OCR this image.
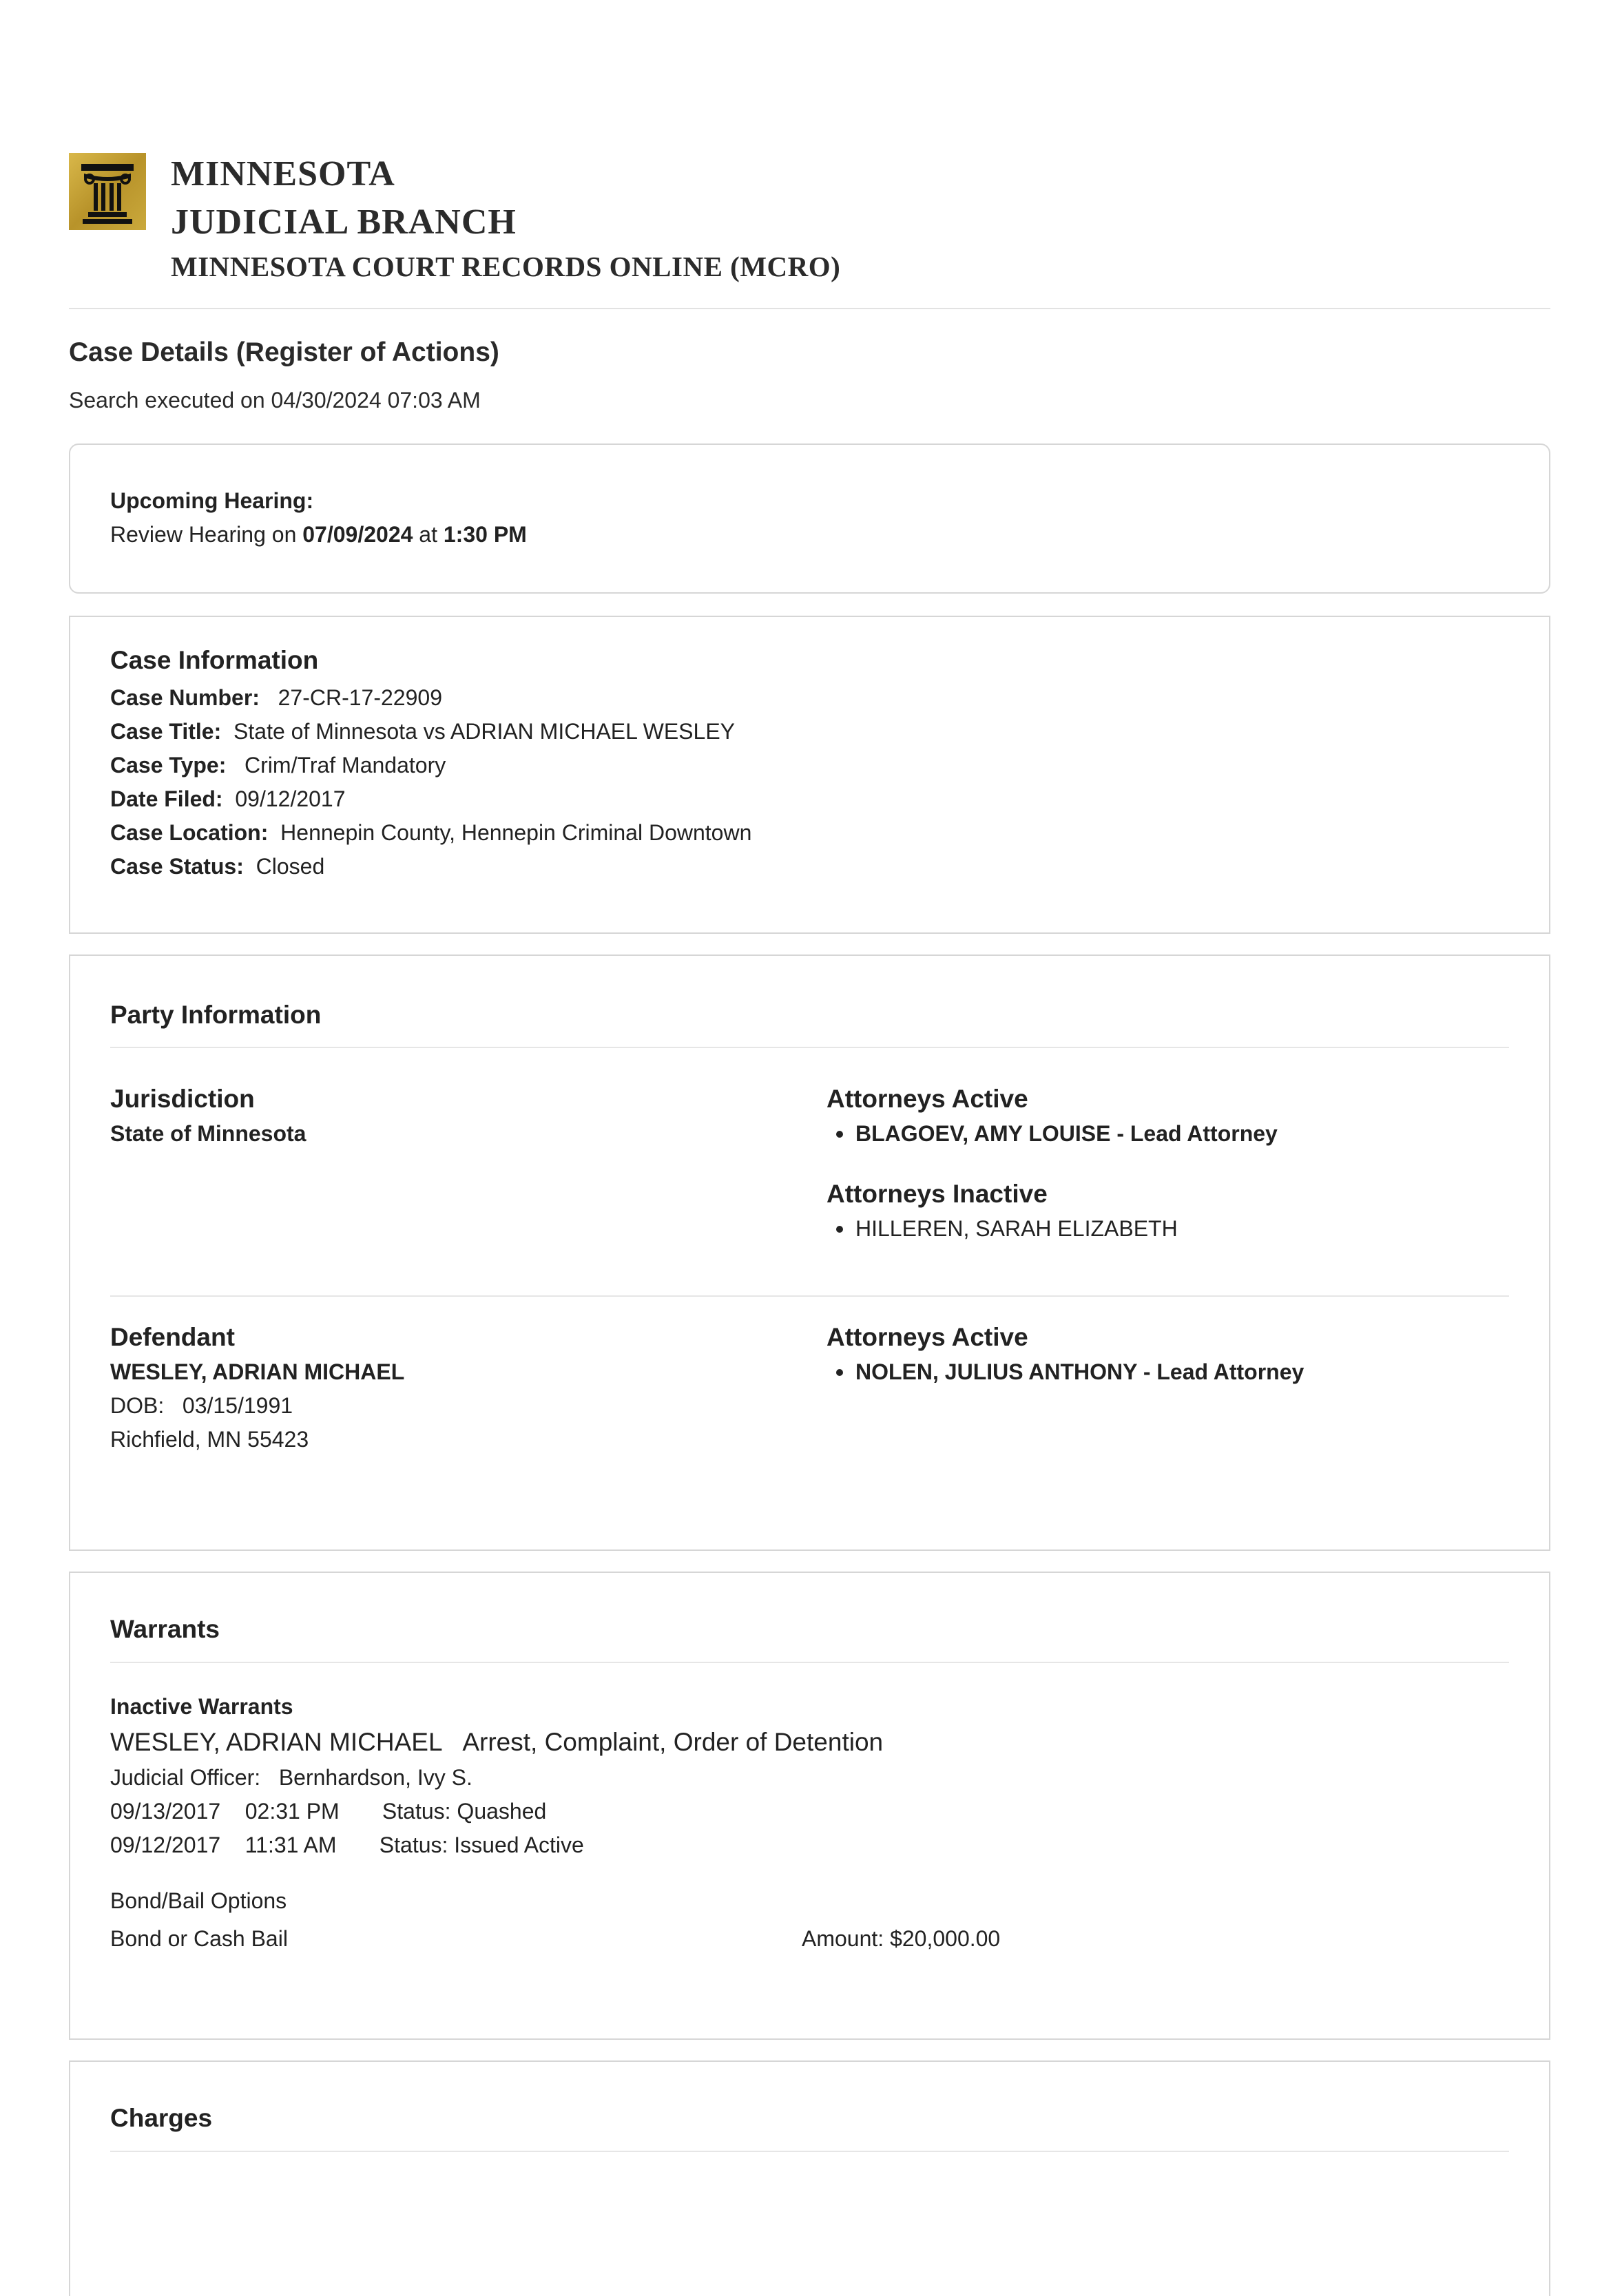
MINNESOTA
JUDICIAL BRANCH
MINNESOTA COURT RECORDS ONLINE (MCRO)
Case Details (Register of Actions)
Search executed on 04/30/2024 07:03 AM
Upcoming Hearing:
Review Hearing on 07/09/2024 at 1:30 PM
Case Information
Case Number: 27-CR-17-22909
Case Title: State of Minnesota vs ADRIAN MICHAEL WESLEY
Case Type: Crim/Traf Mandatory
Date Filed: 09/12/2017
Case Location: Hennepin County, Hennepin Criminal Downtown
Case Status: Closed
Party Information
Jurisdiction
State of Minnesota
Attorneys Active
BLAGOEV, AMY LOUISE - Lead Attorney
Attorneys Inactive
HILLEREN, SARAH ELIZABETH
Defendant
WESLEY, ADRIAN MICHAEL
DOB: 03/15/1991
Richfield, MN 55423
Attorneys Active
NOLEN, JULIUS ANTHONY - Lead Attorney
Warrants
Inactive Warrants
WESLEY, ADRIAN MICHAEL Arrest, Complaint, Order of Detention
Judicial Officer: Bernhardson, Ivy S.
09/13/2017 02:31 PM Status: Quashed
09/12/2017 11:31 AM Status: Issued Active
Bond/Bail Options
Bond or Cash Bail	Amount: $20,000.00
Charges
